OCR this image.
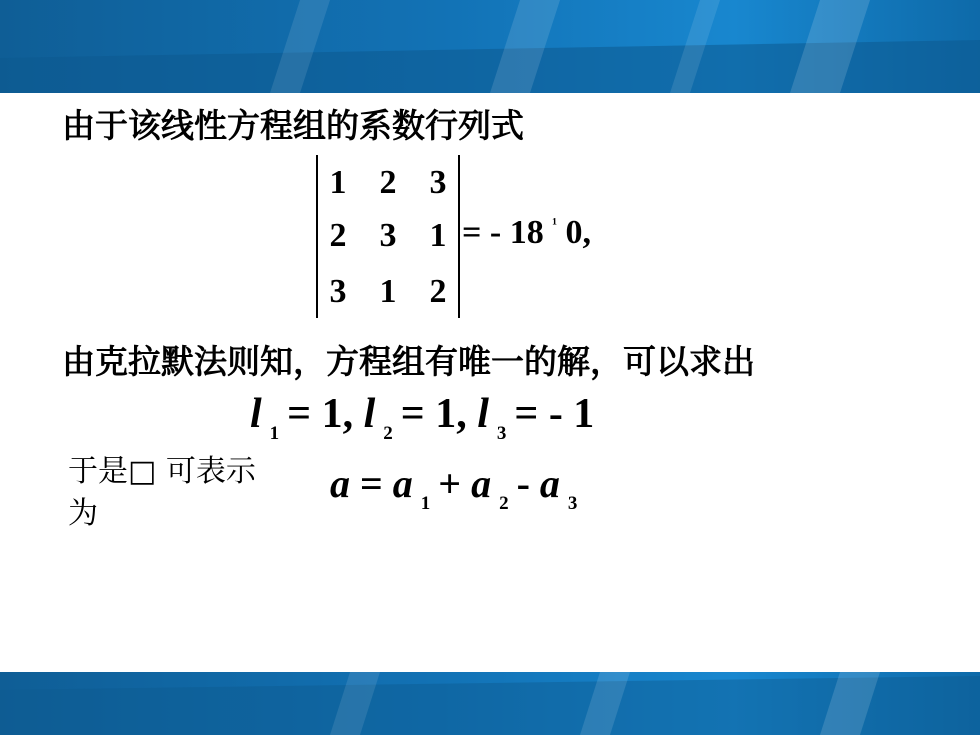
由于该线性方程组的系数行列式
1 2 3
2 3 1
3 1 2
= - 18 $^{^1}$ 0,
由克拉默法则知，方程组有唯一的解，可以求出
l $_1$ = 1, l $_2$ = 1, l $_3$ = - 1
于是□ 可表示
为
a = a $_1$ + a $_2$ - a $_3$
